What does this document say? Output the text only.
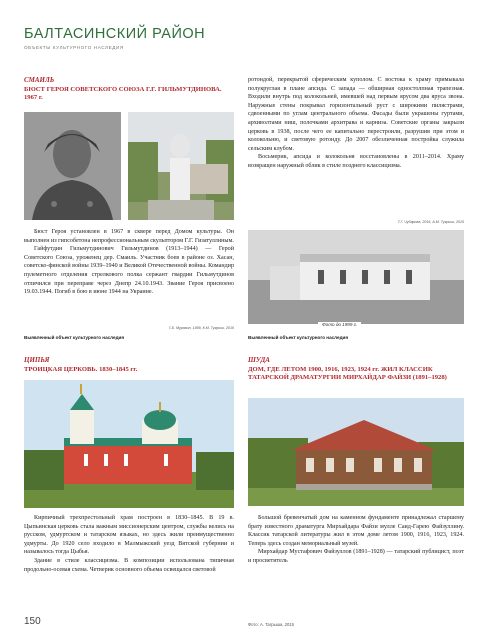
БАЛТАСИНСКИЙ РАЙОН
ОБЪЕКТЫ КУЛЬТУРНОГО НАСЛЕДИЯ
СМАИЛЬ
БЮСТ ГЕРОЯ СОВЕТСКОГО СОЮЗА Г.Г. ГИЛЬМУТДИНОВА. 1967 г.

Бюст Героя установлен в 1967 в сквере перед Домом культуры. Он выполнен из гипсобетона непрофессиональным скульптором Г.Г. Гизатуллиным.

Гайфутдин Гильмутдинович Гильмутдинов (1913–1944) — Герой Советского Союза, уроженец дер. Смаиль. Участник боев в районе оз. Хасан, советско-финской войны 1939–1940 и Великой Отечественной войны. Командир пулеметного отделения стрелкового полка сержант гвардии Гильмутдинов отличился при переправе через Днепр 24.10.1943. Звание Героя присвоено 19.03.1944. Погиб в бою в июне 1944 на Украине.

Г.Б. Муравин, 1999, К.М. Тугрыш, 2016
Выявленный объект культурного наследия

ротондой, перекрытой сферическим куполом. С востока к храму примыкала полукруглая в плане апсида. С запада — обширная одностолпная трапезная. Входили внутрь под колокольней, имевшей над первым ярусом два яруса звона. Наружные стены покрывал горизонтальный руст с широкими пилястрами, сдвоенными по углам центрального объема. Фасады были украшены гуртами, архиволтами ниш, полочками архитрава и карниза. Советские органы закрыли церковь в 1938, после чего ее капитально перестроили, разрушив при этом и колокольню, и световую ротонду. До 2007 обезличенная постройка служила сельским клубом.

Восьмерик, апсида и колокольня восстановлены в 2011–2014. Храму возвращен наружный облик в стиле позднего классицизма.

Т.Г. Чубарова, 2016, А.М. Тугрыш, 2015
Фото до 1999 г.
Выявленный объект культурного наследия
ЦИПЬЯ
ТРОИЦКАЯ ЦЕРКОВЬ. 1830–1845 гг.

Кирпичный трехпрестольный храм построен в 1830–1845. В 19 в. Цыпьинская церковь стала важным миссионерским центром, службы велись на русском, удмуртском и татарском языках, но здесь жили преимущественно удмурты. До 1920 село входило в Малмыжский уезд Вятской губернии и называлось тогда Цыбья.

Здание в стиле классицизма. В композиции использована типичная продольно-осевая схема. Четверик основного объема освещался световой

ШУДА
ДОМ, ГДЕ ЛЕТОМ 1900, 1916, 1923, 1924 гг. ЖИЛ КЛАССИК ТАТАРСКОЙ ДРАМАТУРГИИ МИРХАЙДАР ФАЙЗИ (1891–1928)

Большой бревенчатый дом на каменном фундаменте принадлежал старшему брату известного драматурга Мирхайдара Файзи мулле Саид-Гарею Файзуллину. Классик татарской литературы жил в этом доме летом 1900, 1916, 1923, 1924. Теперь здесь создан мемориальный музей.

Мирхайдар Мустафович Файзуллов (1891–1928) — татарский публицист, поэт и просветитель

150	Фото: А. Тагрыша, 2015
